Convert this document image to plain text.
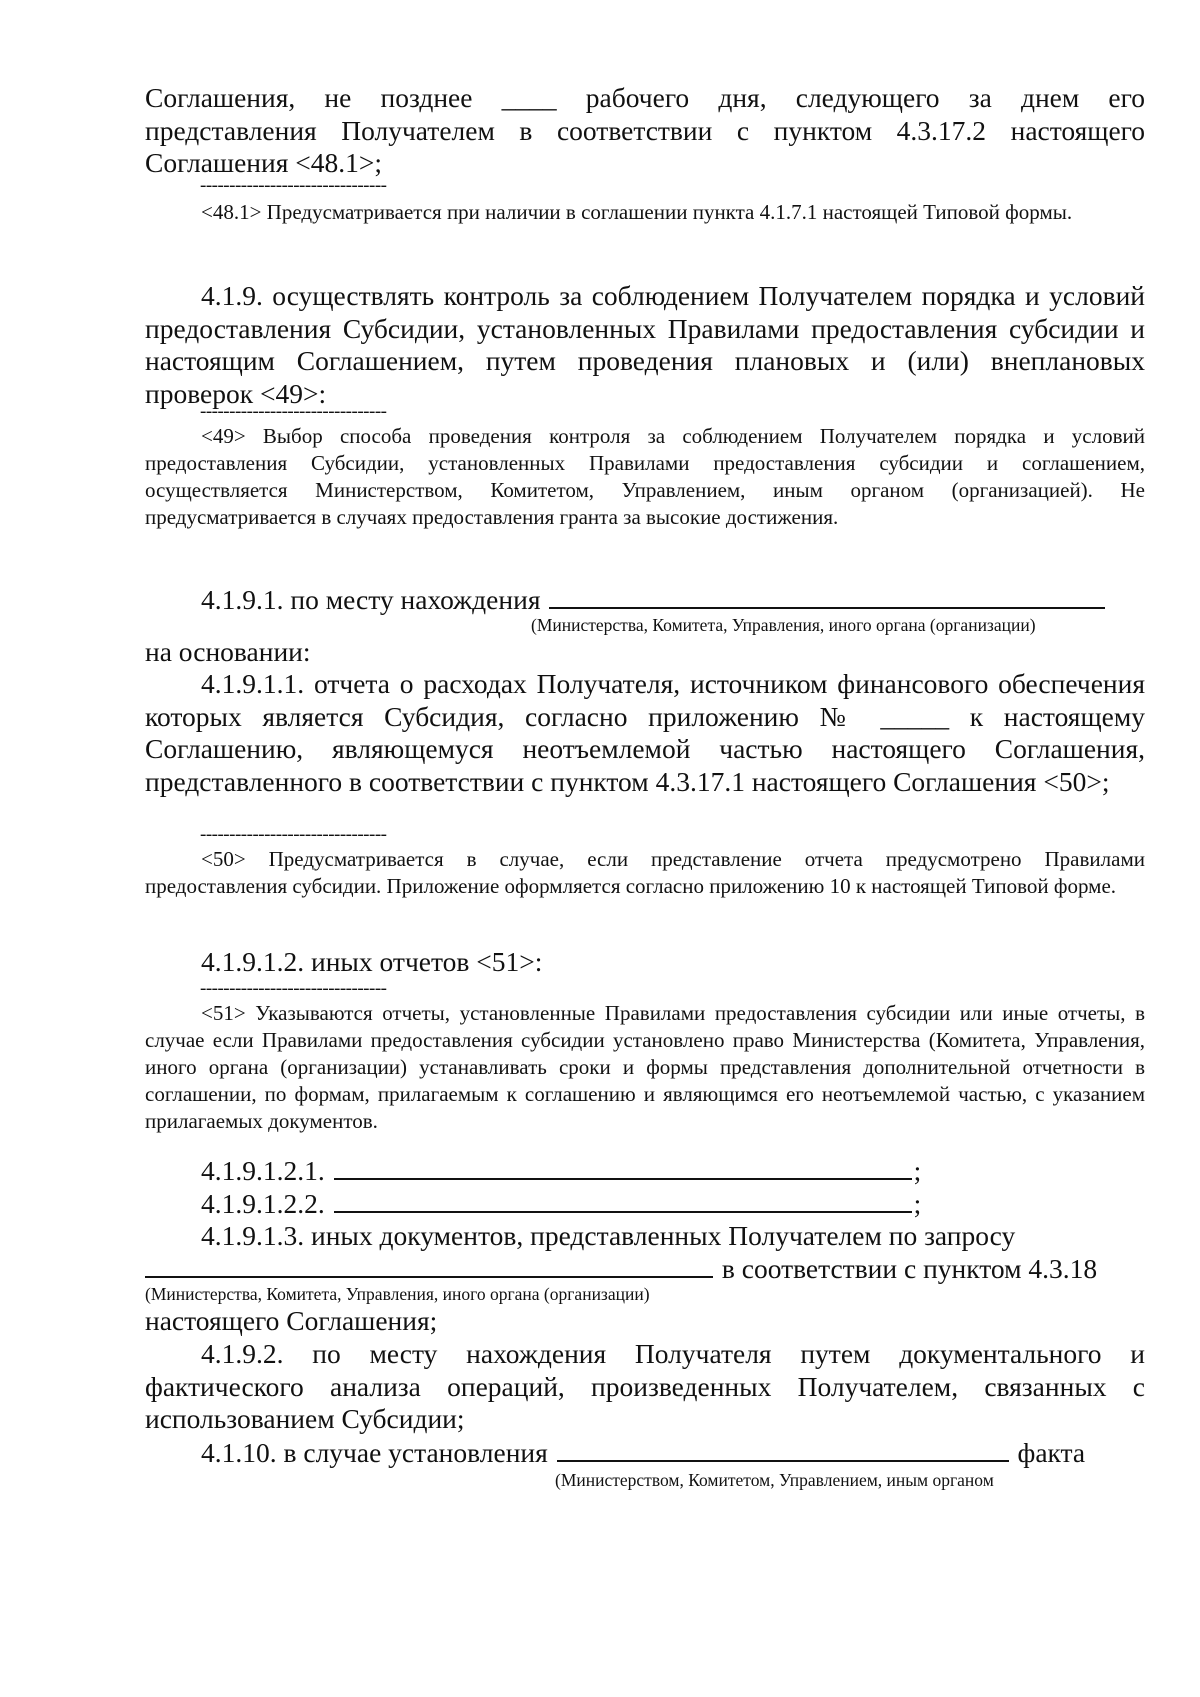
Соглашения, не позднее ____ рабочего дня, следующего за днем его
представления Получателем в соответствии с пунктом 4.3.17.2 настоящего
Соглашения <48.1>;
--------------------------------
<48.1> Предусматривается при наличии в соглашении пункта 4.1.7.1 настоящей Типовой формы.
4.1.9. осуществлять контроль за соблюдением Получателем порядка и условий предоставления Субсидии, установленных Правилами предоставления субсидии и настоящим Соглашением, путем проведения плановых и (или) внеплановых проверок <49>:
--------------------------------
<49> Выбор способа проведения контроля за соблюдением Получателем порядка и условий предоставления Субсидии, установленных Правилами предоставления субсидии и соглашением, осуществляется Министерством, Комитетом, Управлением, иным органом (организацией). Не предусматривается в случаях предоставления гранта за высокие достижения.
4.1.9.1. по месту нахождения
(Министерства, Комитета, Управления, иного органа (организации)
на основании:
4.1.9.1.1. отчета о расходах Получателя, источником финансового обеспечения которых является Субсидия, согласно приложению № _____ к настоящему Соглашению, являющемуся неотъемлемой частью настоящего Соглашения, представленного в соответствии с пунктом 4.3.17.1 настоящего Соглашения <50>;
--------------------------------
<50> Предусматривается в случае, если представление отчета предусмотрено Правилами предоставления субсидии. Приложение оформляется согласно приложению 10 к настоящей Типовой форме.
4.1.9.1.2. иных отчетов <51>:
--------------------------------
<51> Указываются отчеты, установленные Правилами предоставления субсидии или иные отчеты, в случае если Правилами предоставления субсидии установлено право Министерства (Комитета, Управления, иного органа (организации) устанавливать сроки и формы представления дополнительной отчетности в соглашении, по формам, прилагаемым к соглашению и являющимся его неотъемлемой частью, с указанием прилагаемых документов.
4.1.9.1.2.1.	;
4.1.9.1.2.2.	;
4.1.9.1.3. иных документов, представленных Получателем по запросу
в соответствии с пунктом 4.3.18
(Министерства, Комитета, Управления, иного органа (организации)
настоящего Соглашения;
4.1.9.2. по месту нахождения Получателя путем документального и фактического анализа операций, произведенных Получателем, связанных с использованием Субсидии;
4.1.10. в случае установления	факта
(Министерством, Комитетом, Управлением, иным органом
